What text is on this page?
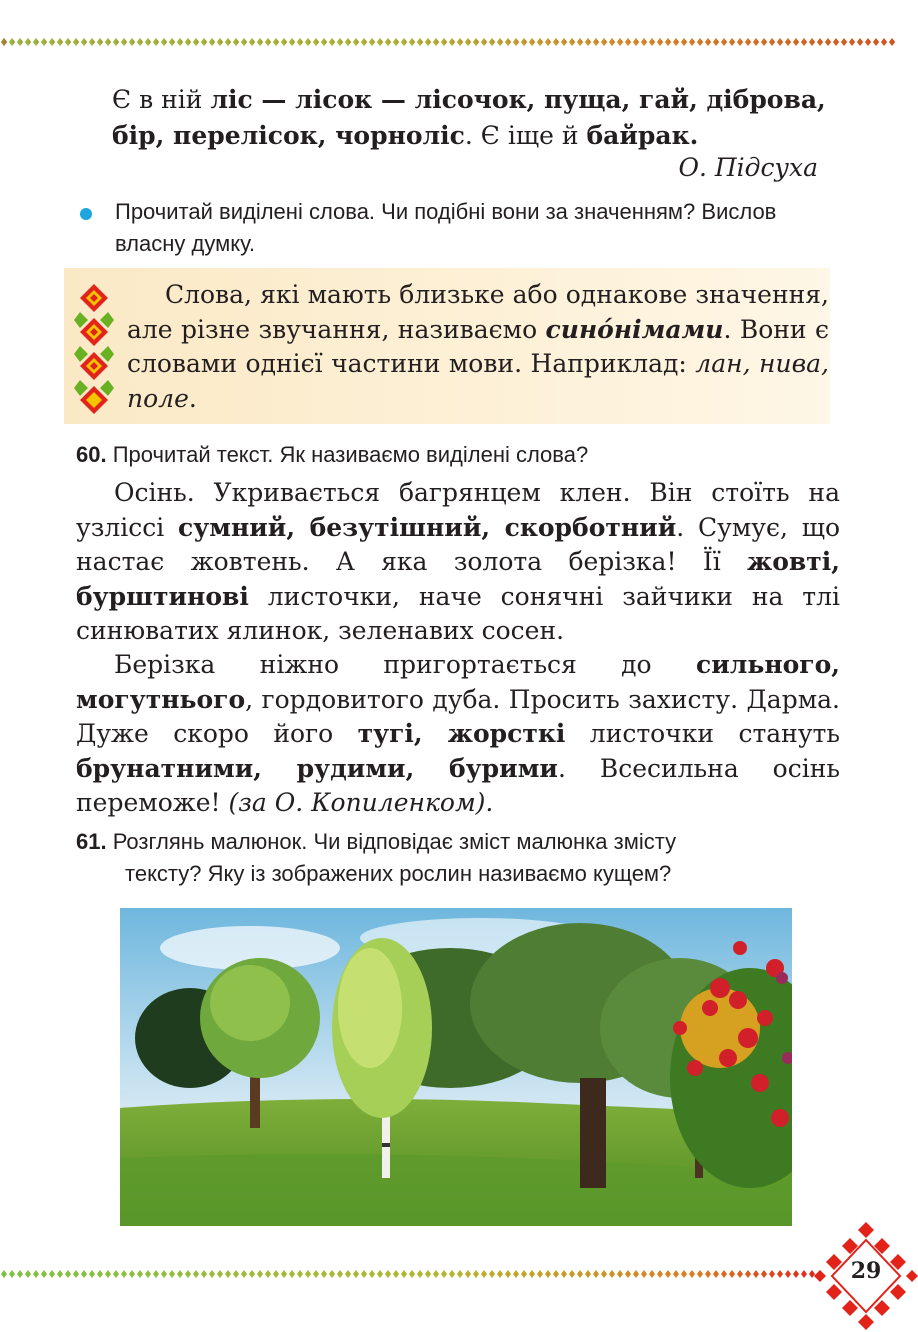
Є в ній ліс — лісок — лісочок, пуща, гай, діброва,
бір, перелісок, чорноліс. Є іще й байрак.
О. Підсуха
Прочитай виділені слова. Чи подібні вони за значенням? Вислов власну думку.
Слова, які мають близьке або однакове значення, але різне звучання, називаємо синóнімами. Вони є словами однієї частини мови. Наприклад: лан, нива, поле.
60. Прочитай текст. Як називаємо виділені слова?
Осінь. Укривається багрянцем клен. Він стоїть на узліссі сумний, безутішний, скорботний. Сумує, що настає жовтень. А яка золота берізка! Її жовті, бурштинові листочки, наче сонячні зайчики на тлі синюватих ялинок, зеленавих сосен.
Берізка ніжно пригортається до сильного, могутнього, гордовитого дуба. Просить захисту. Дарма. Дуже скоро його тугі, жорсткі листочки стануть брунатними, рудими, бурими. Всесильна осінь переможе! (за О. Копиленком).
61. Розглянь малюнок. Чи відповідає зміст малюнка змісту
тексту? Яку із зображених рослин називаємо кущем?
29
